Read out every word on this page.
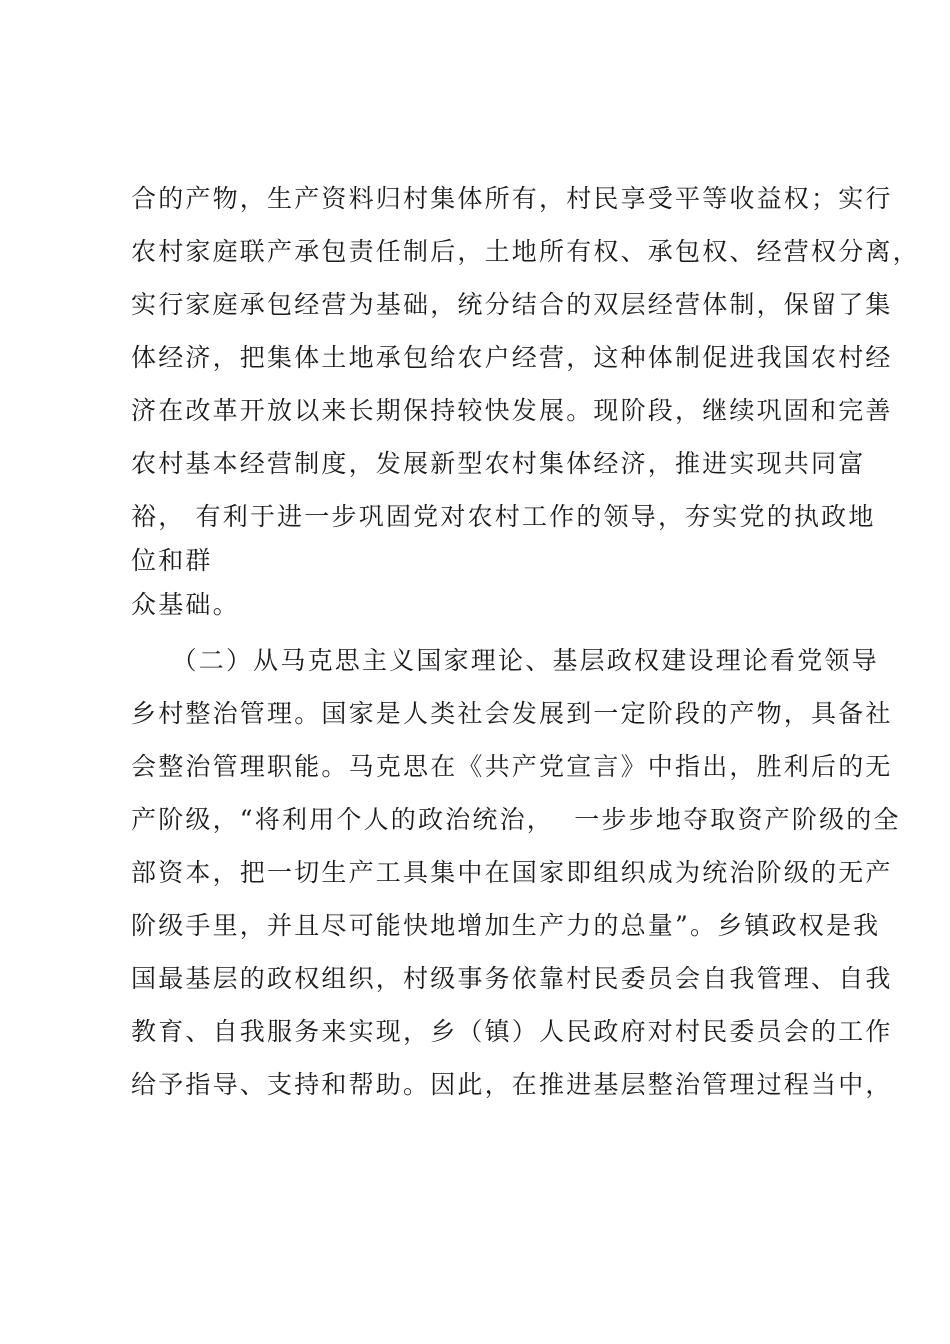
合的产物，生产资料归村集体所有，村民享受平等收益权；实行
农村家庭联产承包责任制后，土地所有权、承包权、经营权分离，
实行家庭承包经营为基础，统分结合的双层经营体制，保留了集
体经济，把集体土地承包给农户经营，这种体制促进我国农村经
济在改革开放以来长期保持较快发展。现阶段，继续巩固和完善
农村基本经营制度，发展新型农村集体经济，推进实现共同富
裕， 有利于进一步巩固党对农村工作的领导，夯实党的执政地
位和群
众基础。
（二）从马克思主义国家理论、基层政权建设理论看党领导
乡村整治管理。国家是人类社会发展到一定阶段的产物，具备社
会整治管理职能。马克思在《共产党宣言》中指出，胜利后的无
产阶级，“将利用个人的政治统治，  一步步地夺取资产阶级的全
部资本，把一切生产工具集中在国家即组织成为统治阶级的无产
阶级手里，并且尽可能快地增加生产力的总量”。乡镇政权是我
国最基层的政权组织，村级事务依靠村民委员会自我管理、自我
教育、自我服务来实现，乡（镇）人民政府对村民委员会的工作
给予指导、支持和帮助。因此，在推进基层整治管理过程当中，
